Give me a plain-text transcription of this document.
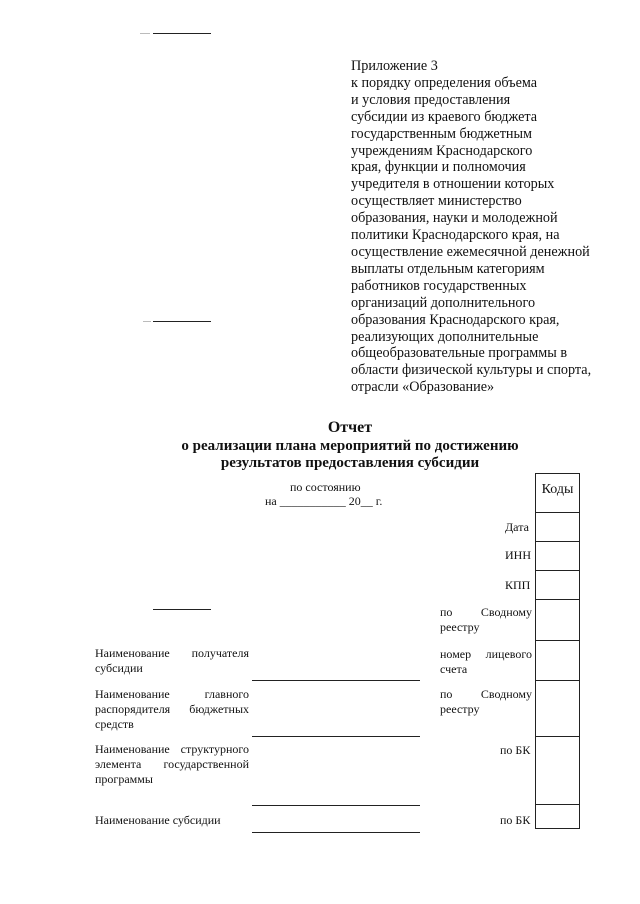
Приложение 3
к порядку определения объема
и условия предоставления
субсидии из краевого бюджета
государственным бюджетным
учреждениям Краснодарского
края, функции и полномочия
учредителя в отношении которых
осуществляет министерство
образования, науки и молодежной
политики Краснодарского края, на
осуществление ежемесячной денежной
выплаты отдельным категориям
работников государственных
организаций дополнительного
образования Краснодарского края,
реализующих дополнительные
общеобразовательные программы в
области физической культуры и спорта,
отрасли «Образование»
Отчет
о реализации плана мероприятий по достижению
результатов предоставления субсидии
по состоянию
на ___________ 20__ г.
Коды
Дата
ИНН
КПП
по Сводному реестру
номер лицевого счета
по Сводному реестру
по БК
по БК
Наименование получателя субсидии
Наименование главного распорядителя бюджетных средств
Наименование структурного элемента государственной программы
Наименование субсидии
